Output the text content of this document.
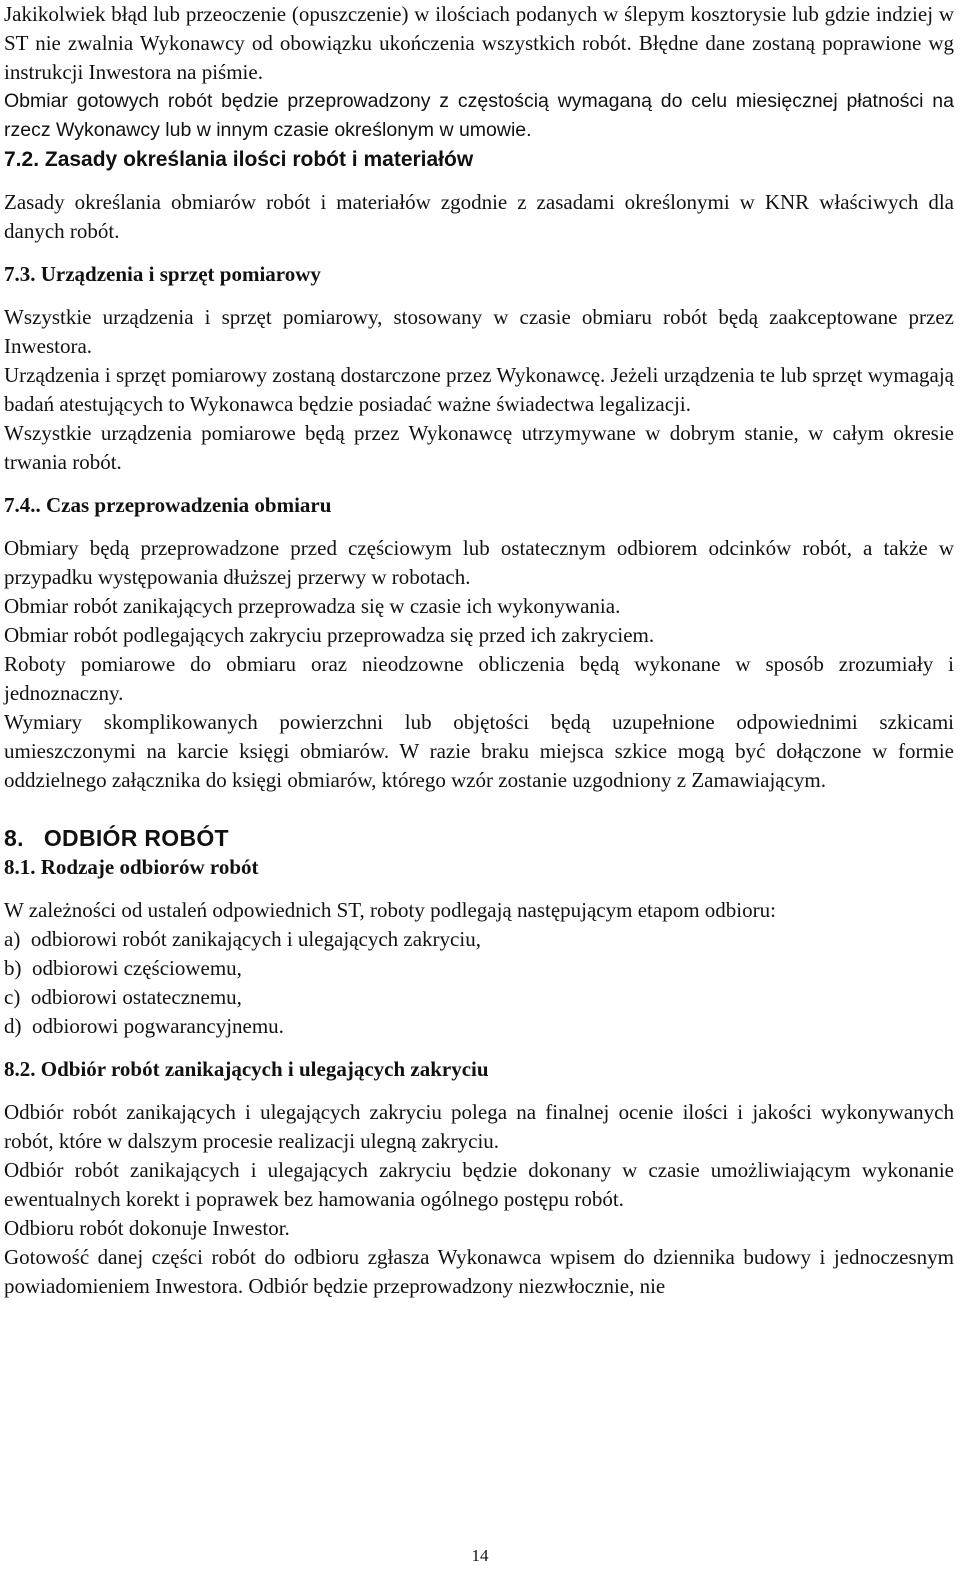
Jakikolwiek błąd lub przeoczenie (opuszczenie) w ilościach podanych w ślepym kosztorysie lub gdzie indziej w ST nie zwalnia Wykonawcy od obowiązku ukończenia wszystkich robót. Błędne dane zostaną poprawione wg instrukcji Inwestora na piśmie.

Obmiar gotowych robót będzie przeprowadzony z częstością wymaganą do celu miesięcznej płatności na rzecz Wykonawcy lub w innym czasie określonym w umowie.

7.2. Zasady określania ilości robót i materiałów

Zasady określania obmiarów robót i materiałów zgodnie z zasadami określonymi w KNR właściwych dla danych robót.

7.3. Urządzenia i sprzęt pomiarowy

Wszystkie urządzenia i sprzęt pomiarowy, stosowany w czasie obmiaru robót będą zaakceptowane przez Inwestora.

Urządzenia i sprzęt pomiarowy zostaną dostarczone przez Wykonawcę. Jeżeli urządzenia te lub sprzęt wymagają badań atestujących to Wykonawca będzie posiadać ważne świadectwa legalizacji.

Wszystkie urządzenia pomiarowe będą przez Wykonawcę utrzymywane w dobrym stanie, w całym okresie trwania robót.

7.4.. Czas przeprowadzenia obmiaru

Obmiary będą przeprowadzone przed częściowym lub ostatecznym odbiorem odcinków robót, a także w przypadku występowania dłuższej przerwy w robotach.

Obmiar robót zanikających przeprowadza się w czasie ich wykonywania.

Obmiar robót podlegających zakryciu przeprowadza się przed ich zakryciem.

Roboty pomiarowe do obmiaru oraz nieodzowne obliczenia będą wykonane w sposób zrozumiały i jednoznaczny.

Wymiary skomplikowanych powierzchni lub objętości będą uzupełnione odpowiednimi szkicami umieszczonymi na karcie księgi obmiarów. W razie braku miejsca szkice mogą być dołączone w formie oddzielnego załącznika do księgi obmiarów, którego wzór zostanie uzgodniony z Zamawiającym.

8.   ODBIÓR ROBÓT

8.1. Rodzaje odbiorów robót

W zależności od ustaleń odpowiednich ST, roboty podlegają następującym etapom odbioru:

a)  odbiorowi robót zanikających i ulegających zakryciu,

b)  odbiorowi częściowemu,

c)  odbiorowi ostatecznemu,

d)  odbiorowi pogwarancyjnemu.

8.2. Odbiór robót zanikających i ulegających zakryciu

Odbiór robót zanikających i ulegających zakryciu polega na finalnej ocenie ilości i jakości wykonywanych robót, które w dalszym procesie realizacji ulegną zakryciu.

Odbiór robót zanikających i ulegających zakryciu będzie dokonany w czasie umożliwiającym wykonanie ewentualnych korekt i poprawek bez hamowania ogólnego postępu robót.

Odbioru robót dokonuje Inwestor.

Gotowość danej części robót do odbioru zgłasza Wykonawca wpisem do dziennika budowy i jednoczesnym powiadomieniem Inwestora. Odbiór będzie przeprowadzony niezwłocznie, nie

14
